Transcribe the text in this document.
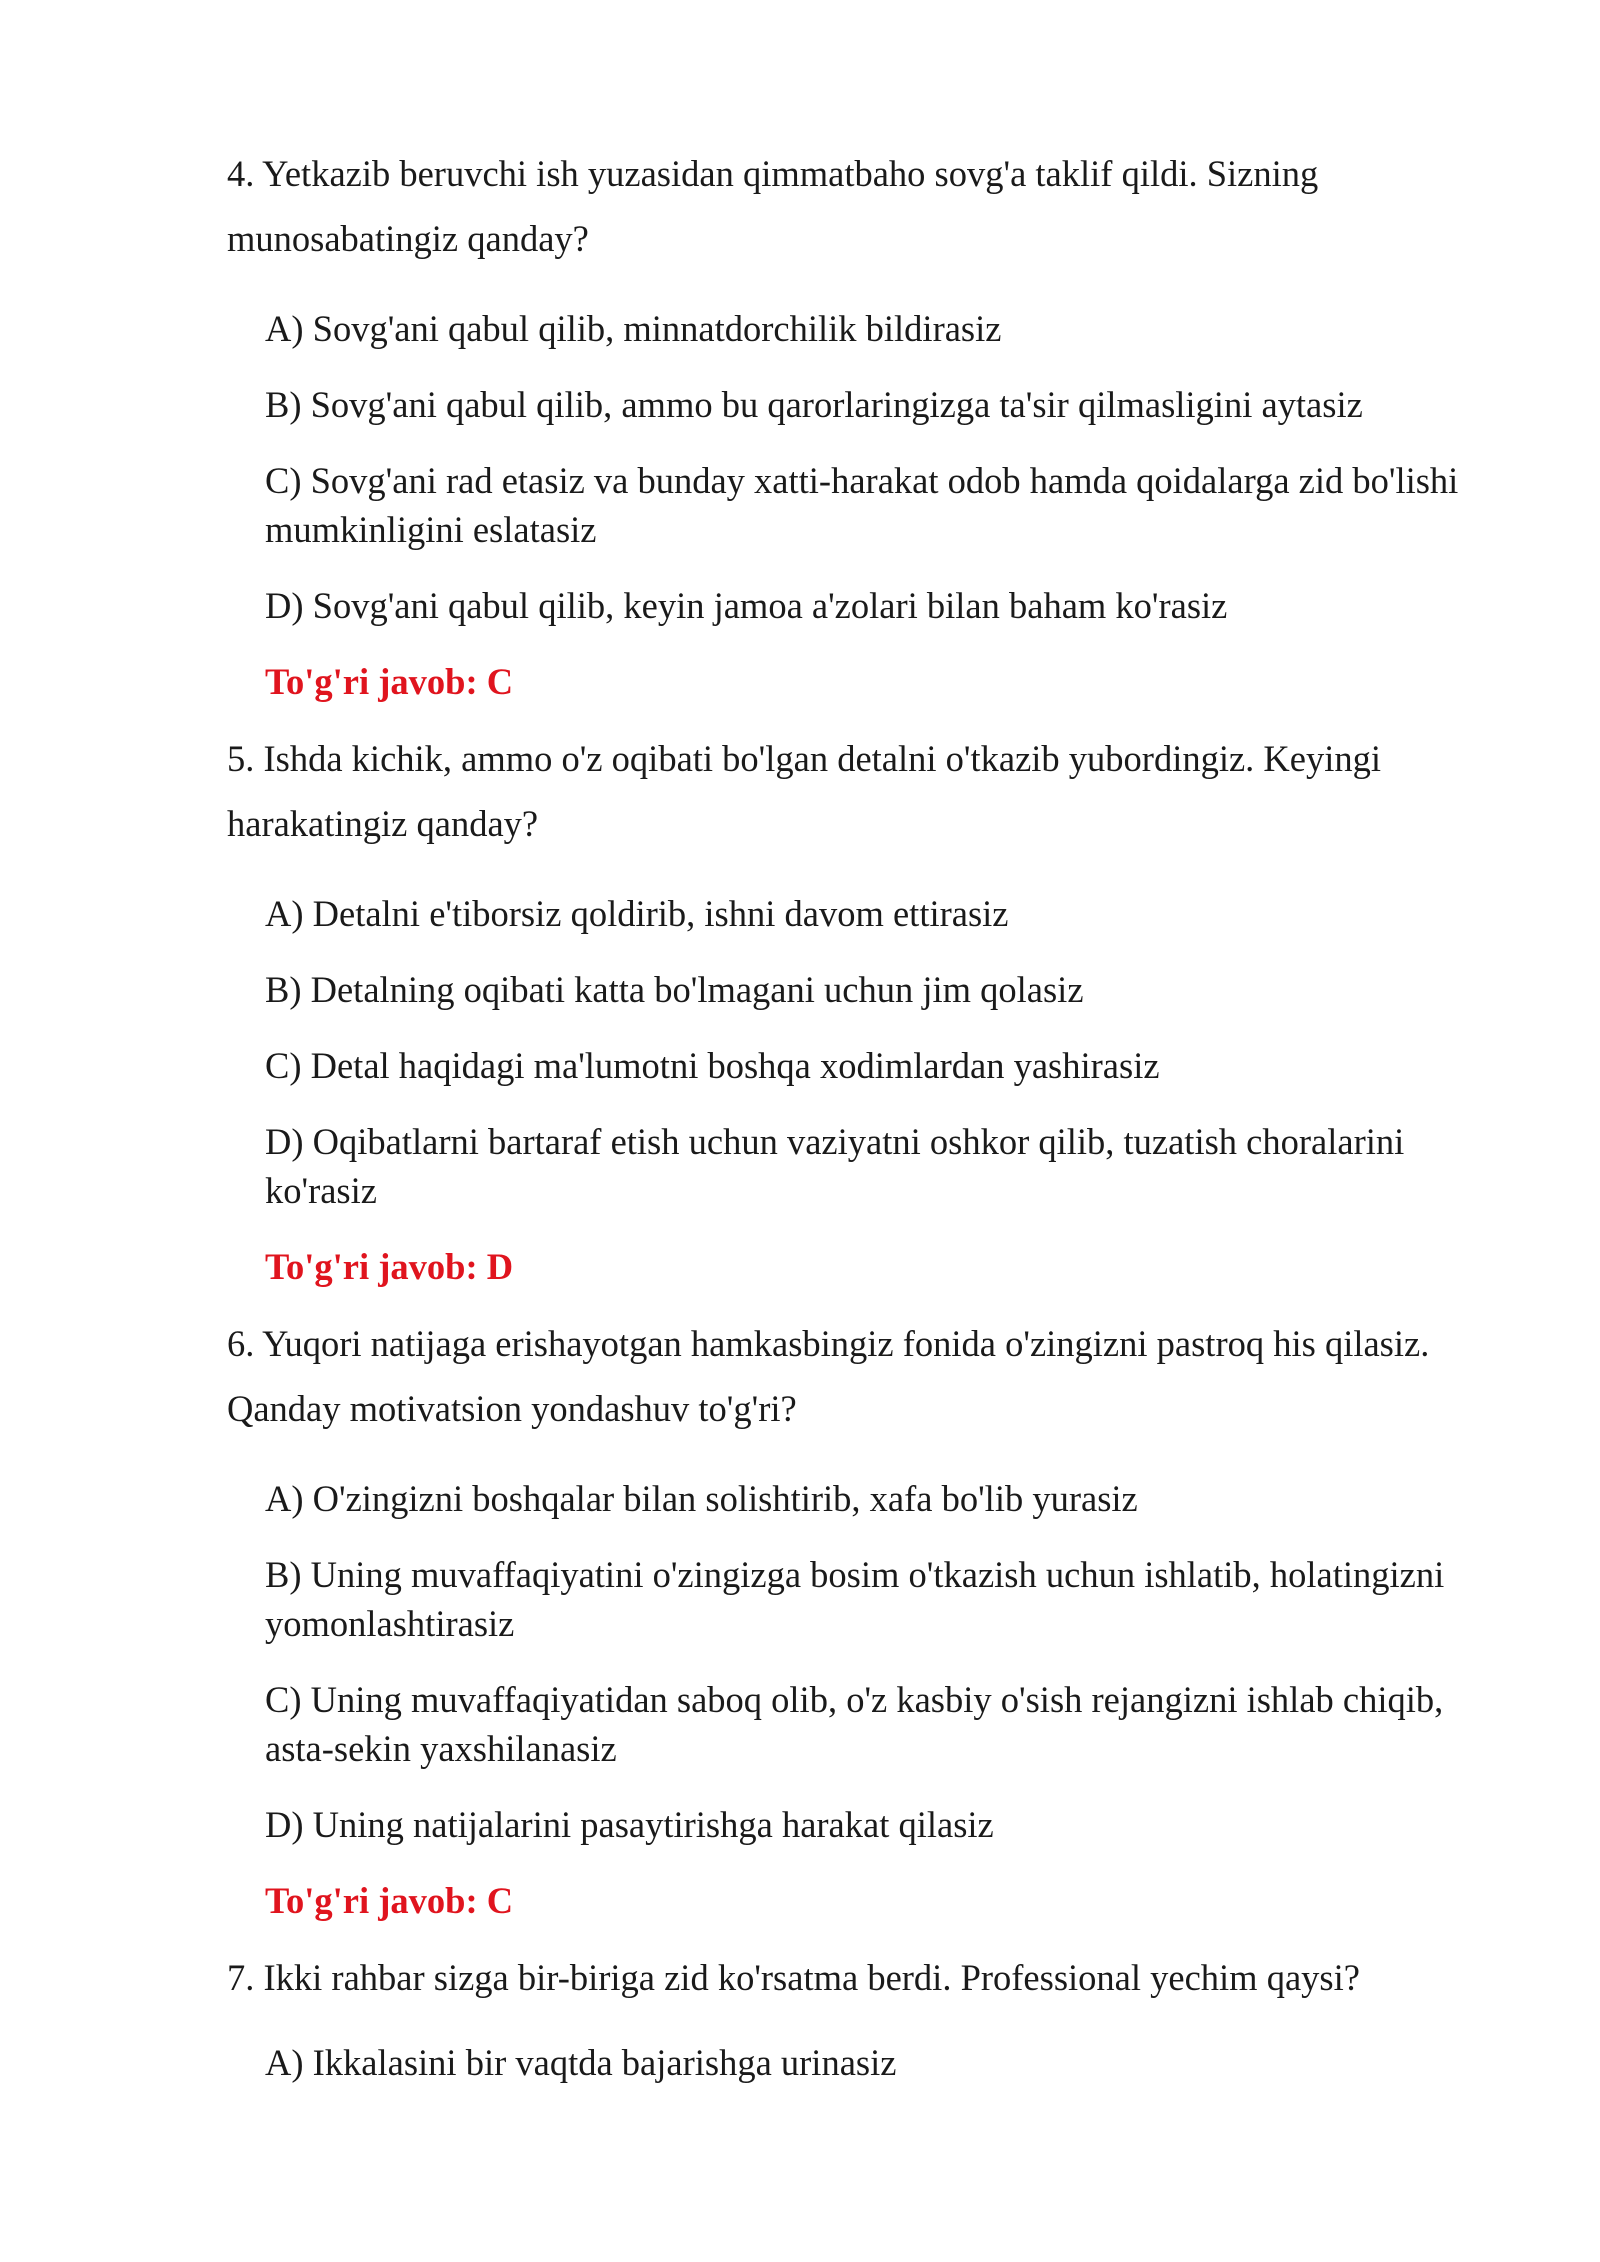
4. Yetkazib beruvchi ish yuzasidan qimmatbaho sovg'a taklif qildi. Sizning munosabatingiz qanday?
A) Sovg'ani qabul qilib, minnatdorchilik bildirasiz
B) Sovg'ani qabul qilib, ammo bu qarorlaringizga ta'sir qilmasligini aytasiz
C) Sovg'ani rad etasiz va bunday xatti-harakat odob hamda qoidalarga zid bo'lishi mumkinligini eslatasiz
D) Sovg'ani qabul qilib, keyin jamoa a'zolari bilan baham ko'rasiz
To'g'ri javob: C
5. Ishda kichik, ammo o'z oqibati bo'lgan detalni o'tkazib yubordingiz. Keyingi harakatingiz qanday?
A) Detalni e'tiborsiz qoldirib, ishni davom ettirasiz
B) Detalning oqibati katta bo'lmagani uchun jim qolasiz
C) Detal haqidagi ma'lumotni boshqa xodimlardan yashirasiz
D) Oqibatlarni bartaraf etish uchun vaziyatni oshkor qilib, tuzatish choralarini ko'rasiz
To'g'ri javob: D
6. Yuqori natijaga erishayotgan hamkasbingiz fonida o'zingizni pastroq his qilasiz. Qanday motivatsion yondashuv to'g'ri?
A) O'zingizni boshqalar bilan solishtirib, xafa bo'lib yurasiz
B) Uning muvaffaqiyatini o'zingizga bosim o'tkazish uchun ishlatib, holatingizni yomonlashtirasiz
C) Uning muvaffaqiyatidan saboq olib, o'z kasbiy o'sish rejangizni ishlab chiqib, asta-sekin yaxshilanasiz
D) Uning natijalarini pasaytirishga harakat qilasiz
To'g'ri javob: C
7. Ikki rahbar sizga bir-biriga zid ko'rsatma berdi. Professional yechim qaysi?
A) Ikkalasini bir vaqtda bajarishga urinasiz
